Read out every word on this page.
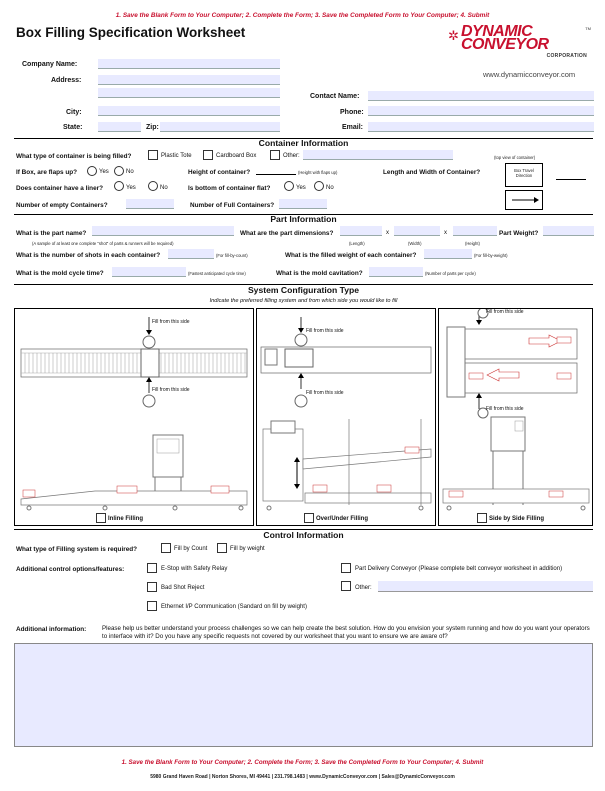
1. Save the Blank Form to Your Computer; 2. Complete the Form; 3. Save the Completed Form to Your Computer; 4. Submit
Box Filling Specification Worksheet	✲ DYNAMIC
CONVEYOR
CORPORATION
TM
www.dynamicconveyor.com
Company Name:
Address:
Contact Name:
City:	Phone:
State:	Zip:	Email:
Container Information
What type of container is being filled?	Plastic Tote	Cardboard Box	Other:	(top view of container)
If Box, are flaps up?	Yes	No	Height of container?	(Height with flaps up)	Length and Width of Container?	Box Travel Direction
Does container have a liner?	Yes	No	Is bottom of container flat?	Yes	No
Number of empty Containers?	Number of Full Containers?
Part Information
What is the part name?
(A sample of at least one complete "shot" of parts & runners will be required)
What are the part dimensions?	x	x
(Length)	(Width)	(Height)
Part Weight?
What is the number of shots in each container?	(For fill-by-count)	What is the filled weight of each container?	(For fill-by-weight)
What is the mold cycle time?	(Fastest anticipated cycle time)	What is the mold cavitation?	(Number of parts per cycle)
System Configuration Type
Indicate the preferred filling system and from which side you would like to fill
Fill from this side
Fill from this side
Inline Filling
Fill from this side
Fill from this side
Over/Under Filling
Fill from this side
Fill from this side
Side by Side Filling
Control Information
What type of Filling system is required?	Fill by Count	Fill by weight
Additional control options/features:	E-Stop with Safety Relay	Part Delivery Conveyor (Please complete belt conveyor worksheet in addition)
Bad Shot Reject	Other:
Ethernet I/P Communication (Sandard on fill by weight)
Additional information:	Please help us better understand your process challenges so we can help create the best solution. How do you envision your system running and how do you want your operators to interface with it? Do you have any specific requests not covered by our worksheet that you want to ensure we are aware of?
1. Save the Blank Form to Your Computer; 2. Complete the Form; 3. Save the Completed Form to Your Computer; 4. Submit
5980 Grand Haven Road | Norton Shores, MI 49441 | 231.798.1483 | www.DynamicConveyor.com | Sales@DynamicConveyor.com
